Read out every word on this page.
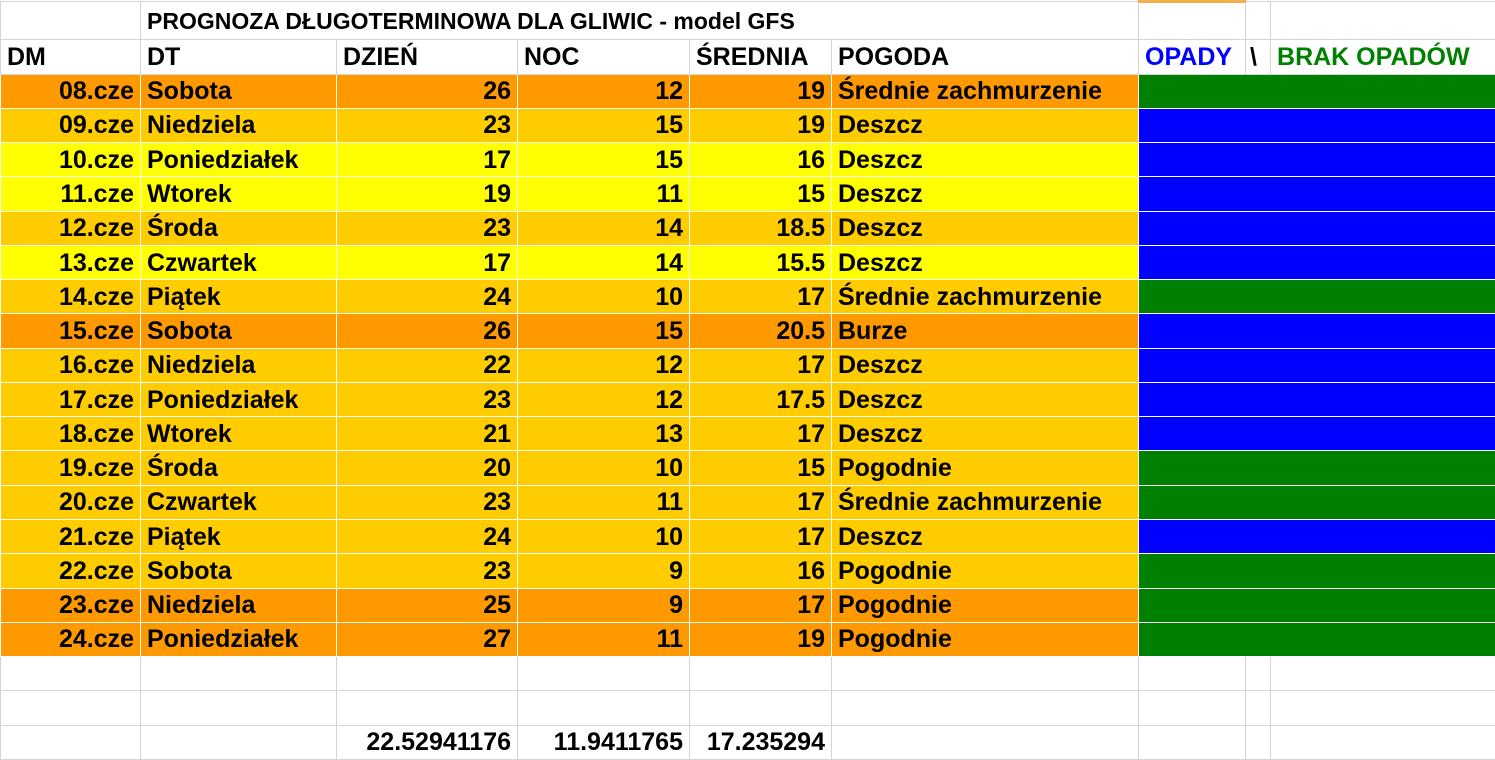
	PROGNOZA DŁUGOTERMINOWA DLA GLIWIC - model GFS							
DM	DT	DZIEŃ	NOC	ŚREDNIA	POGODA	OPADY	\	BRAK OPADÓW
08.cze	Sobota	26	12	19	Średnie zachmurzenie			
09.cze	Niedziela	23	15	19	Deszcz			
10.cze	Poniedziałek	17	15	16	Deszcz			
11.cze	Wtorek	19	11	15	Deszcz			
12.cze	Środa	23	14	18.5	Deszcz			
13.cze	Czwartek	17	14	15.5	Deszcz			
14.cze	Piątek	24	10	17	Średnie zachmurzenie			
15.cze	Sobota	26	15	20.5	Burze			
16.cze	Niedziela	22	12	17	Deszcz			
17.cze	Poniedziałek	23	12	17.5	Deszcz			
18.cze	Wtorek	21	13	17	Deszcz			
19.cze	Środa	20	10	15	Pogodnie			
20.cze	Czwartek	23	11	17	Średnie zachmurzenie			
21.cze	Piątek	24	10	17	Deszcz			
22.cze	Sobota	23	9	16	Pogodnie			
23.cze	Niedziela	25	9	17	Pogodnie			
24.cze	Poniedziałek	27	11	19	Pogodnie			

		22.52941176	11.9411765	17.235294				
